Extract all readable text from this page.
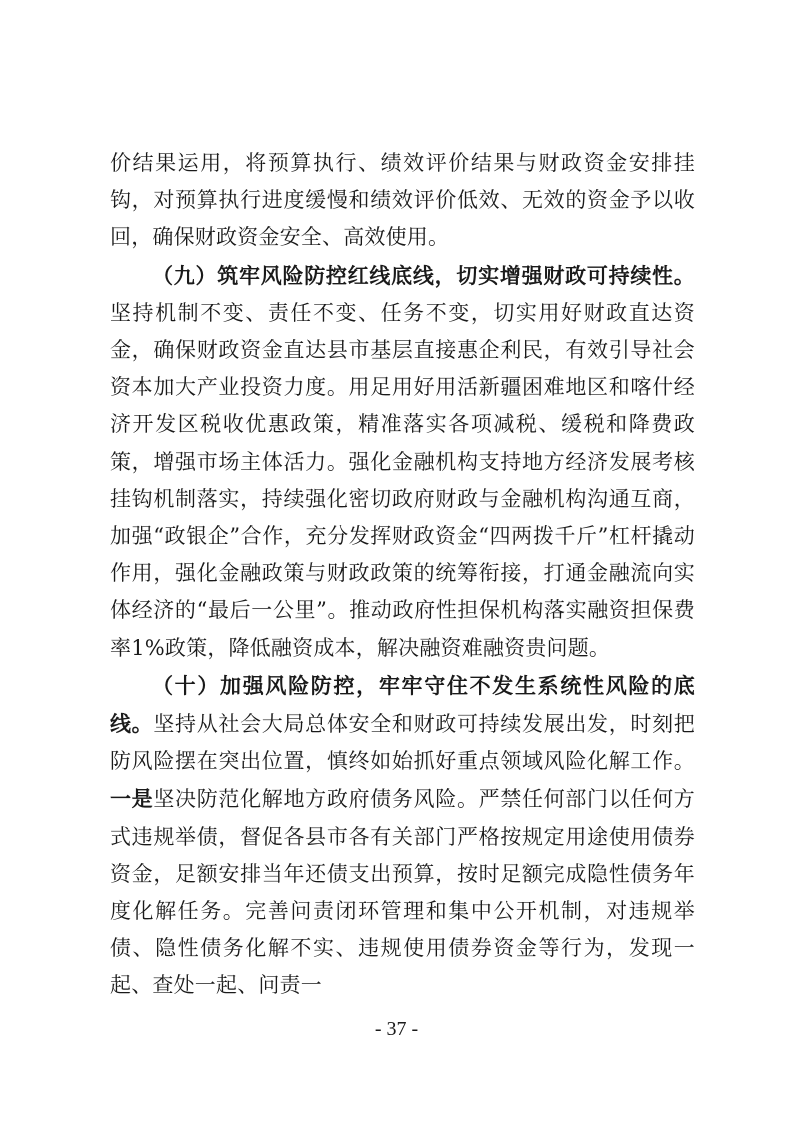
价结果运用，将预算执行、绩效评价结果与财政资金安排挂钩，对预算执行进度缓慢和绩效评价低效、无效的资金予以收回，确保财政资金安全、高效使用。

（九）筑牢风险防控红线底线，切实增强财政可持续性。坚持机制不变、责任不变、任务不变，切实用好财政直达资金，确保财政资金直达县市基层直接惠企利民，有效引导社会资本加大产业投资力度。用足用好用活新疆困难地区和喀什经济开发区税收优惠政策，精准落实各项减税、缓税和降费政策，增强市场主体活力。强化金融机构支持地方经济发展考核挂钩机制落实，持续强化密切政府财政与金融机构沟通互商，加强“政银企”合作，充分发挥财政资金“四两拨千斤”杠杆撬动作用，强化金融政策与财政政策的统筹衔接，打通金融流向实体经济的“最后一公里”。推动政府性担保机构落实融资担保费率1%政策，降低融资成本，解决融资难融资贵问题。

（十）加强风险防控，牢牢守住不发生系统性风险的底线。坚持从社会大局总体安全和财政可持续发展出发，时刻把防风险摆在突出位置，慎终如始抓好重点领域风险化解工作。一是坚决防范化解地方政府债务风险。严禁任何部门以任何方式违规举债，督促各县市各有关部门严格按规定用途使用债券资金，足额安排当年还债支出预算，按时足额完成隐性债务年度化解任务。完善问责闭环管理和集中公开机制，对违规举债、隐性债务化解不实、违规使用债券资金等行为，发现一起、查处一起、问责一

- 37 -
